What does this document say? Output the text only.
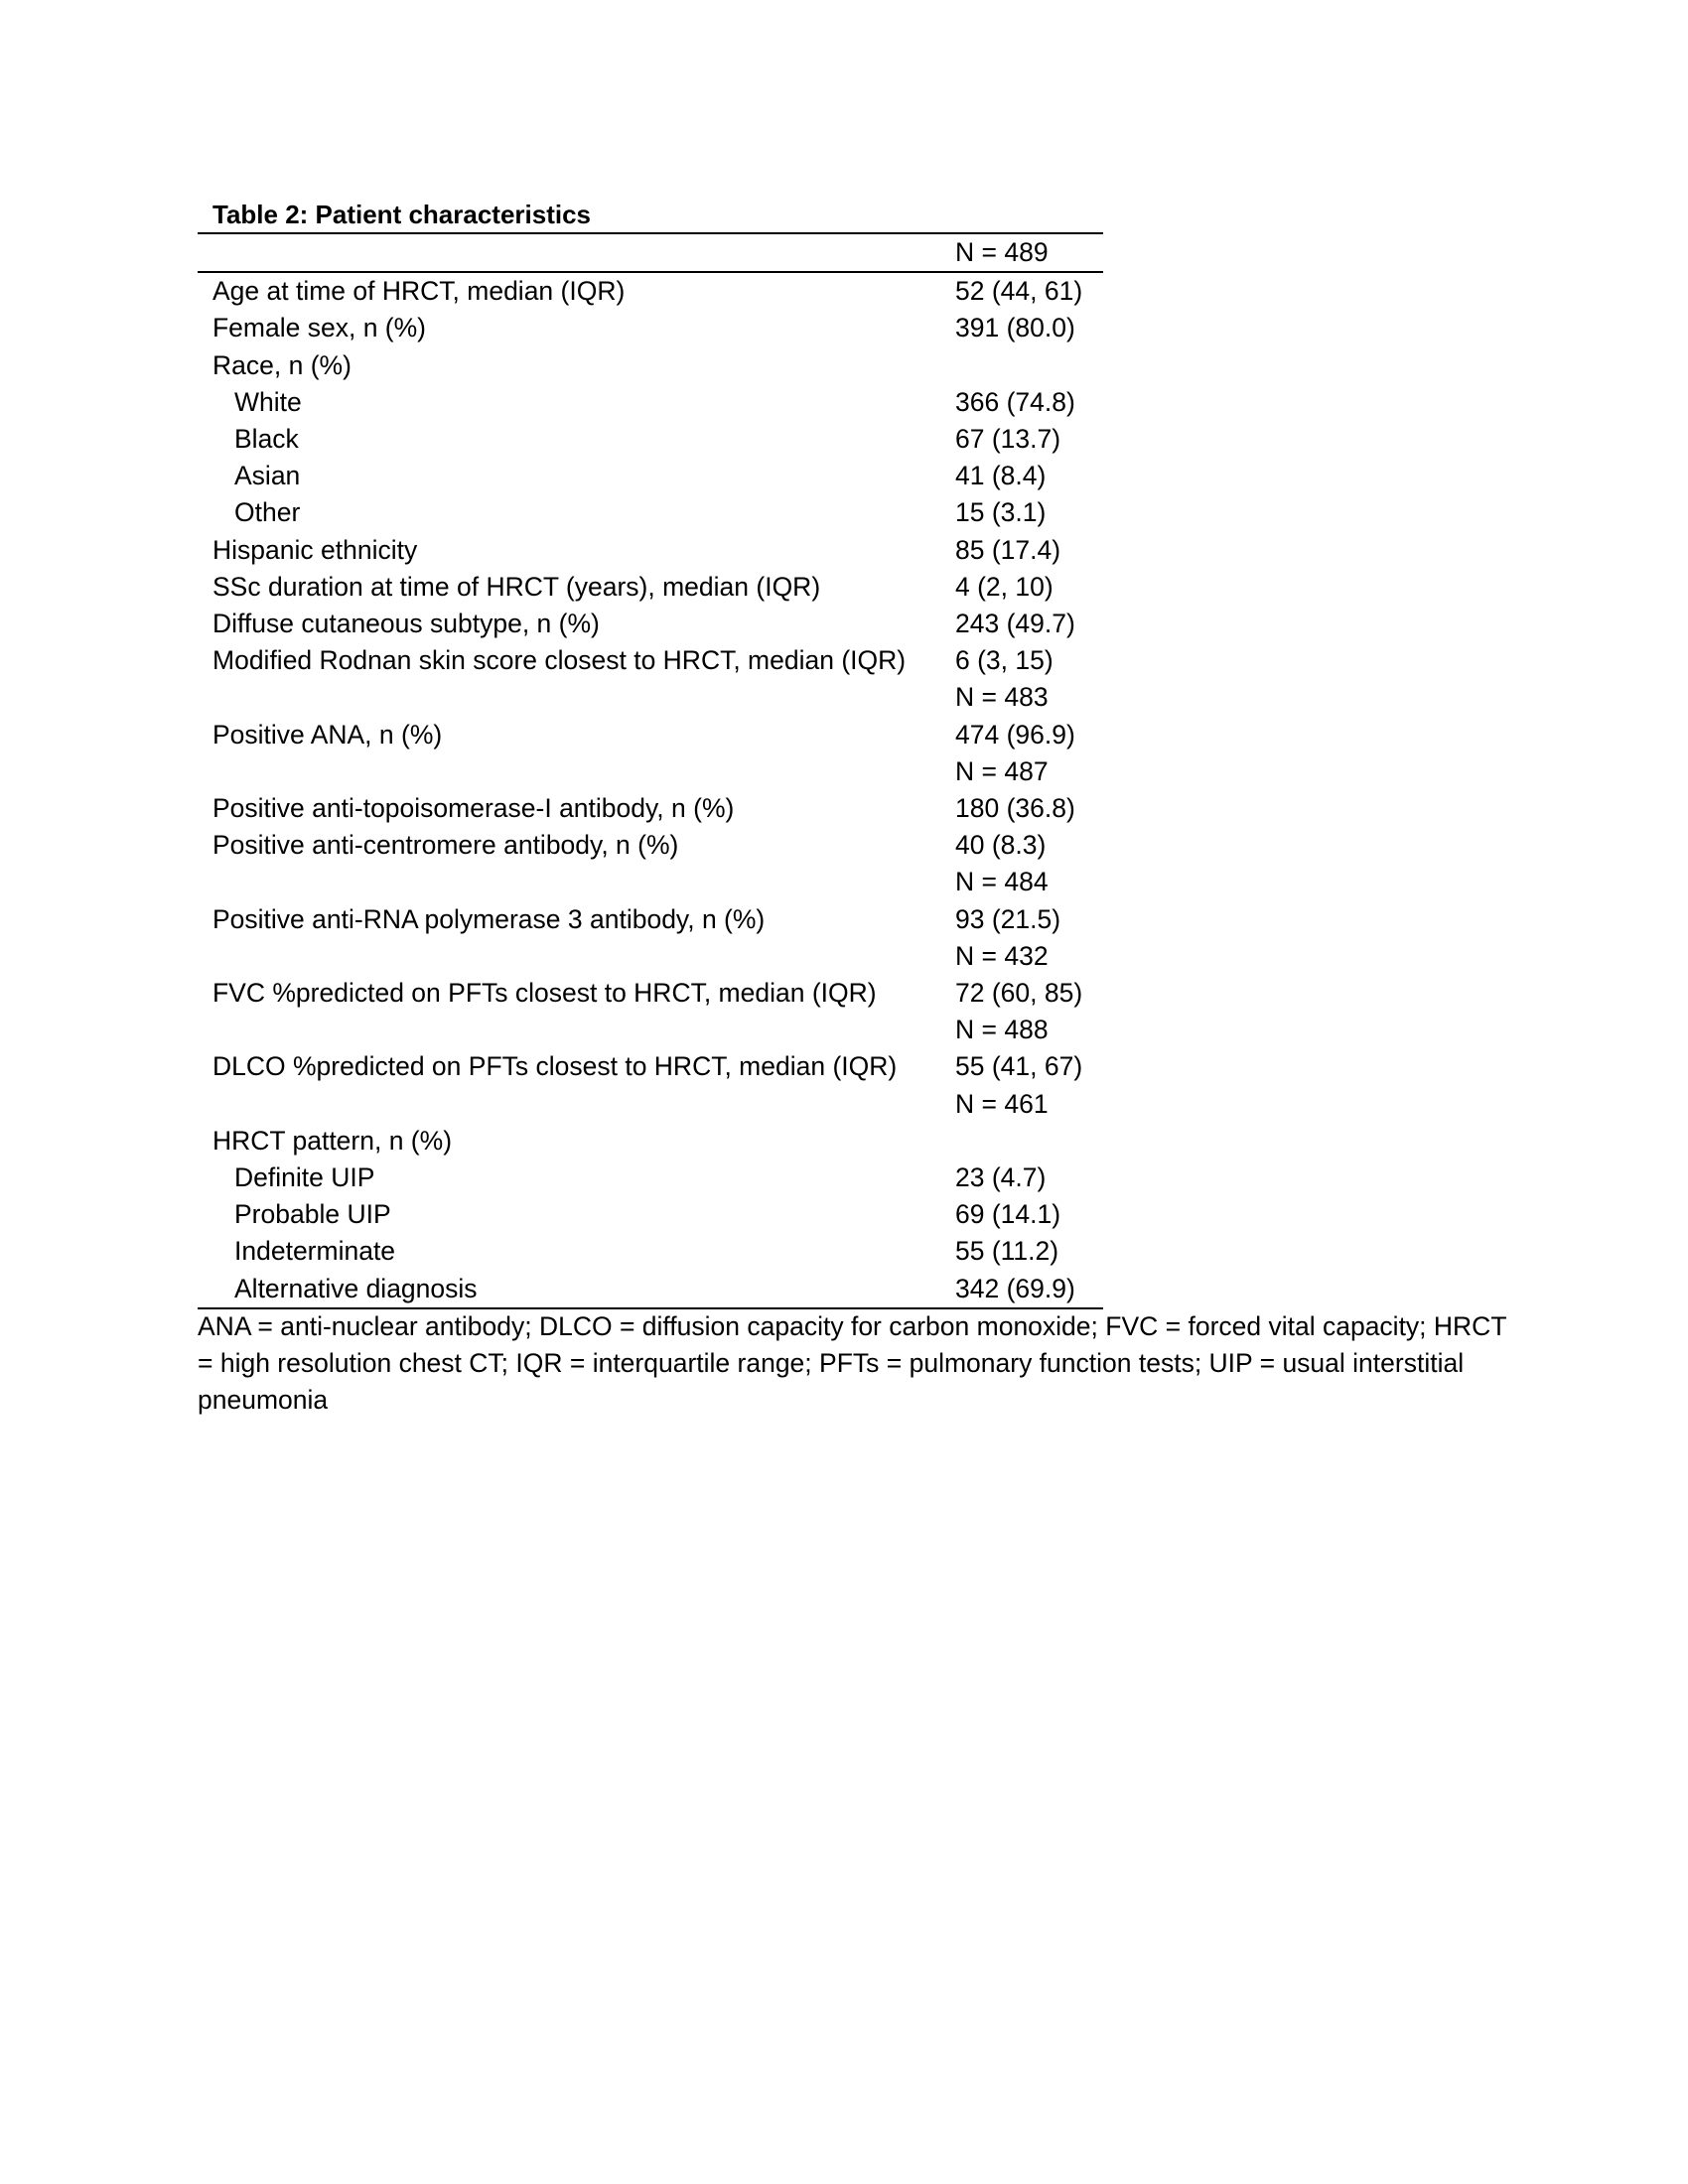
Table 2: Patient characteristics
	N = 489
Age at time of HRCT, median (IQR)	52 (44, 61)
Female sex, n (%)	391 (80.0)
Race, n (%)	
White	366 (74.8)
Black	67 (13.7)
Asian	41 (8.4)
Other	15 (3.1)
Hispanic ethnicity	85 (17.4)
SSc duration at time of HRCT (years), median (IQR)	4 (2, 10)
Diffuse cutaneous subtype, n (%)	243 (49.7)
Modified Rodnan skin score closest to HRCT, median (IQR)	6 (3, 15)
	N = 483
Positive ANA, n (%)	474 (96.9)
	N = 487
Positive anti-topoisomerase-I antibody, n (%)	180 (36.8)
Positive anti-centromere antibody, n (%)	40 (8.3)
	N = 484
Positive anti-RNA polymerase 3 antibody, n (%)	93 (21.5)
	N = 432
FVC %predicted on PFTs closest to HRCT, median (IQR)	72 (60, 85)
	N = 488
DLCO %predicted on PFTs closest to HRCT, median (IQR)	55 (41, 67)
	N = 461
HRCT pattern, n (%)	
Definite UIP	23 (4.7)
Probable UIP	69 (14.1)
Indeterminate	55 (11.2)
Alternative diagnosis	342 (69.9)
ANA = anti-nuclear antibody; DLCO = diffusion capacity for carbon monoxide; FVC = forced vital capacity; HRCT = high resolution chest CT; IQR = interquartile range; PFTs = pulmonary function tests; UIP = usual interstitial pneumonia
